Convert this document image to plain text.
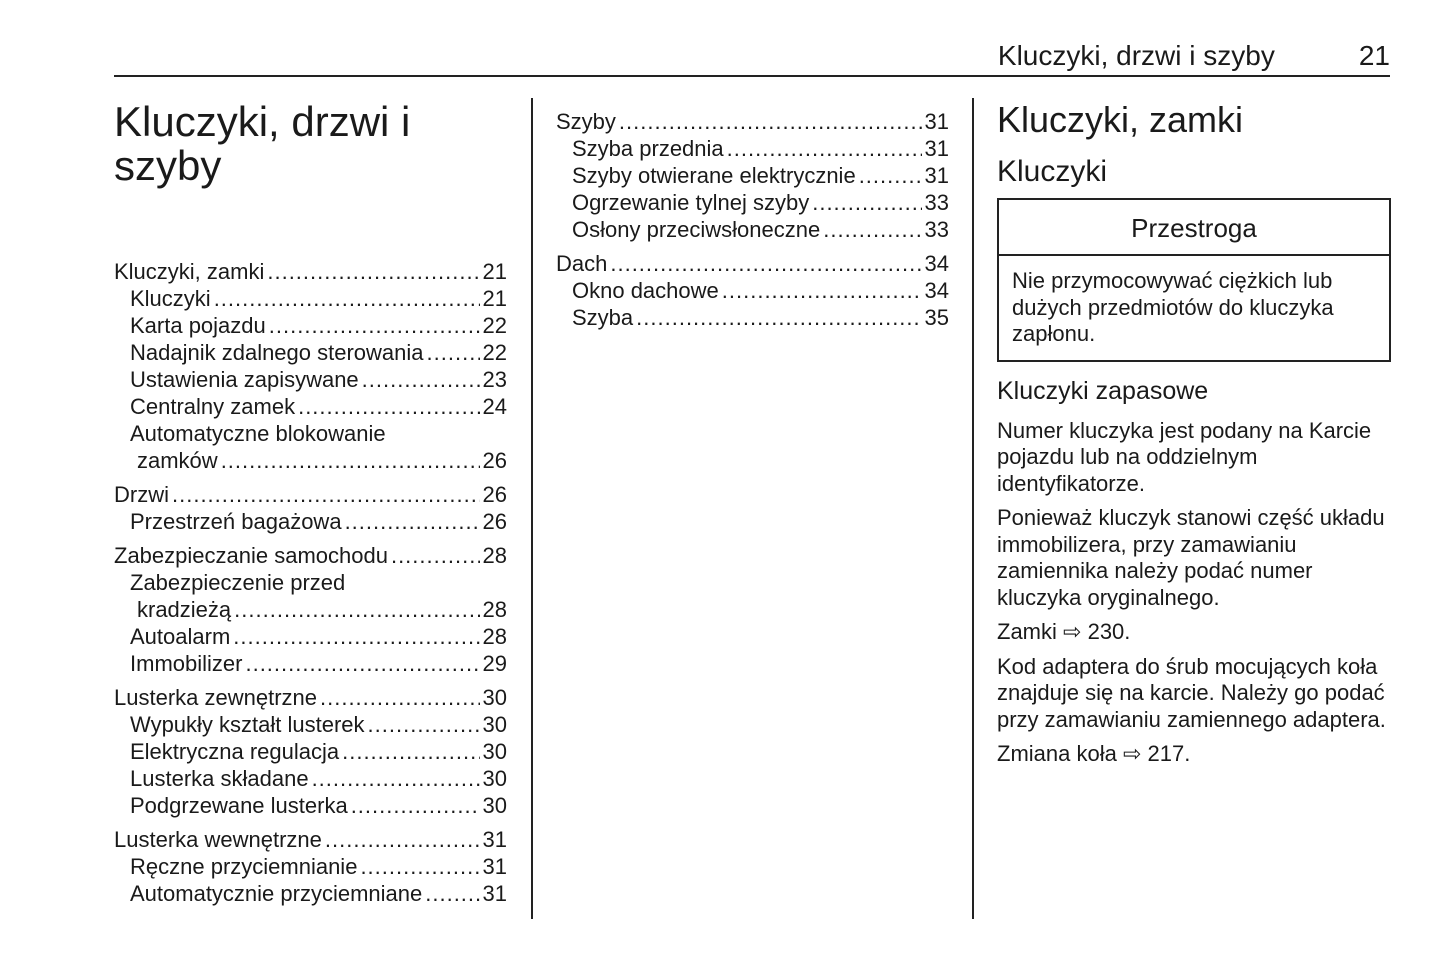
Kluczyki, drzwi i szyby	21
Kluczyki, drzwi i szyby
Kluczyki, zamki .....	21
Kluczyki .....	21
Karta pojazdu .....	22
Nadajnik zdalnego sterowania .....	22
Ustawienia zapisywane .....	23
Centralny zamek .....	24
Automatyczne blokowanie
zamków .....	26
Drzwi .....	26
Przestrzeń bagażowa .....	26
Zabezpieczanie samochodu .....	28
Zabezpieczenie przed
kradzieżą .....	28
Autoalarm .....	28
Immobilizer .....	29
Lusterka zewnętrzne .....	30
Wypukły kształt lusterek .....	30
Elektryczna regulacja .....	30
Lusterka składane .....	30
Podgrzewane lusterka .....	30
Lusterka wewnętrzne .....	31
Ręczne przyciemnianie .....	31
Automatycznie przyciemniane .....	31
Szyby .....	31
Szyba przednia .....	31
Szyby otwierane elektrycznie .....	31
Ogrzewanie tylnej szyby .....	33
Osłony przeciwsłoneczne .....	33
Dach .....	34
Okno dachowe .....	34
Szyba .....	35
Kluczyki, zamki
Kluczyki
Przestroga
Nie przymocowywać ciężkich lub dużych przedmiotów do kluczyka zapłonu.
Kluczyki zapasowe

Numer kluczyka jest podany na Karcie pojazdu lub na oddzielnym identyfikatorze.

Ponieważ kluczyk stanowi część układu immobilizera, przy zamawianiu zamiennika należy podać numer kluczyka oryginalnego.

Zamki ⇨ 230.

Kod adaptera do śrub mocujących koła znajduje się na karcie. Należy go podać przy zamawianiu zamiennego adaptera.

Zmiana koła ⇨ 217.
